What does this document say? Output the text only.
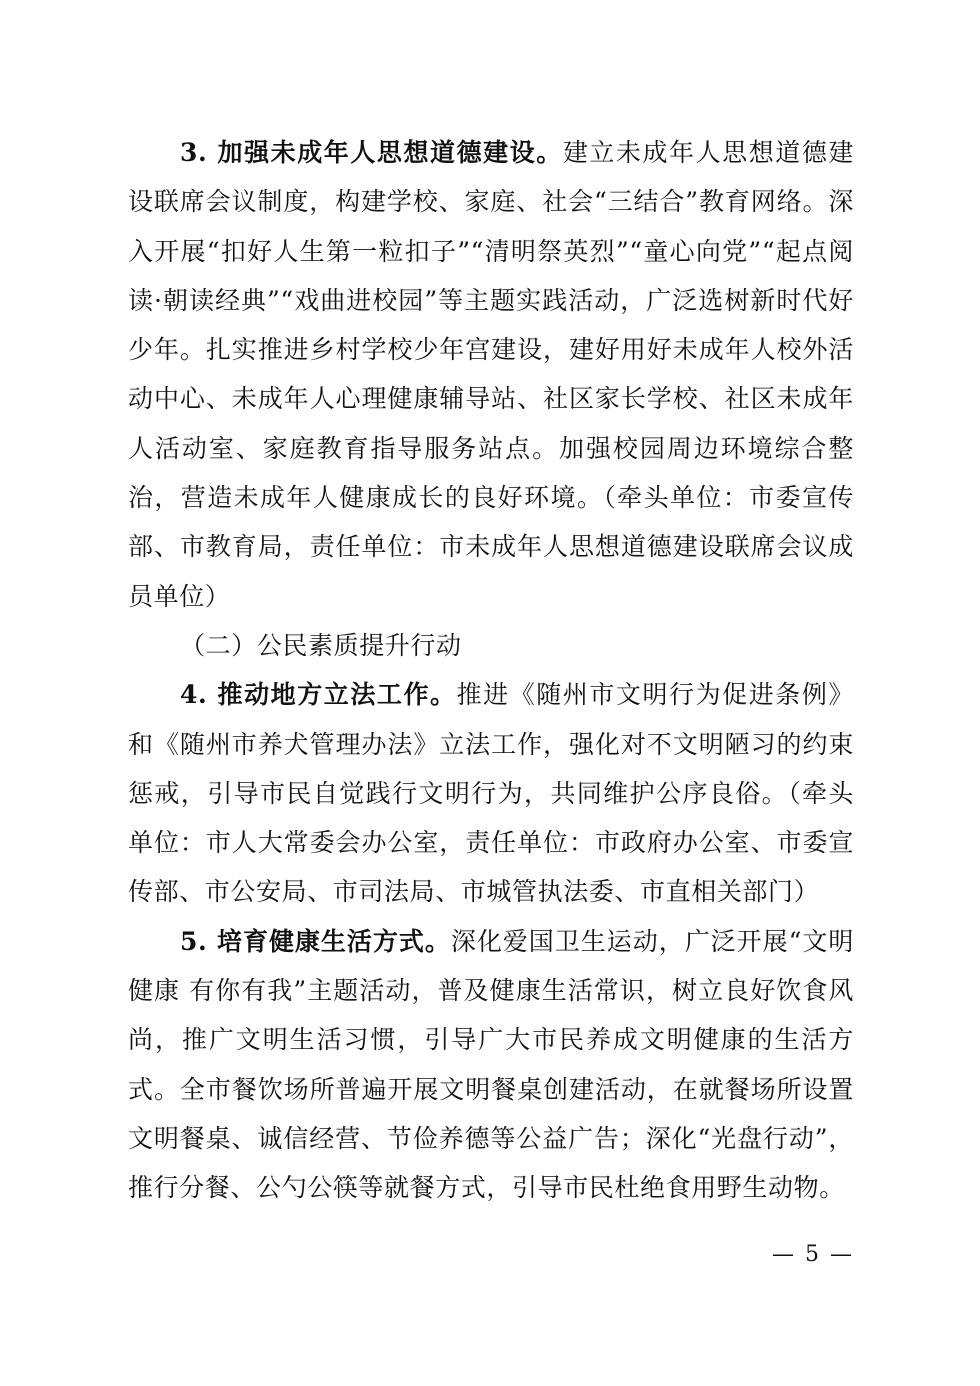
3. 加强未成年人思想道德建设。建立未成年人思想道德建设联席会议制度，构建学校、家庭、社会“三结合”教育网络。深入开展“扣好人生第一粒扣子”“清明祭英烈”“童心向党”“起点阅读·朝读经典”“戏曲进校园”等主题实践活动，广泛选树新时代好少年。扎实推进乡村学校少年宫建设，建好用好未成年人校外活动中心、未成年人心理健康辅导站、社区家长学校、社区未成年人活动室、家庭教育指导服务站点。加强校园周边环境综合整治，营造未成年人健康成长的良好环境。（牵头单位：市委宣传部、市教育局，责任单位：市未成年人思想道德建设联席会议成员单位）

（二）公民素质提升行动

4. 推动地方立法工作。推进《随州市文明行为促进条例》和《随州市养犬管理办法》立法工作，强化对不文明陋习的约束惩戒，引导市民自觉践行文明行为，共同维护公序良俗。（牵头单位：市人大常委会办公室，责任单位：市政府办公室、市委宣传部、市公安局、市司法局、市城管执法委、市直相关部门）

5. 培育健康生活方式。深化爱国卫生运动，广泛开展“文明健康 有你有我”主题活动，普及健康生活常识，树立良好饮食风尚，推广文明生活习惯，引导广大市民养成文明健康的生活方式。全市餐饮场所普遍开展文明餐桌创建活动，在就餐场所设置文明餐桌、诚信经营、节俭养德等公益广告；深化“光盘行动”，推行分餐、公勺公筷等就餐方式，引导市民杜绝食用野生动物。

— 5 —
